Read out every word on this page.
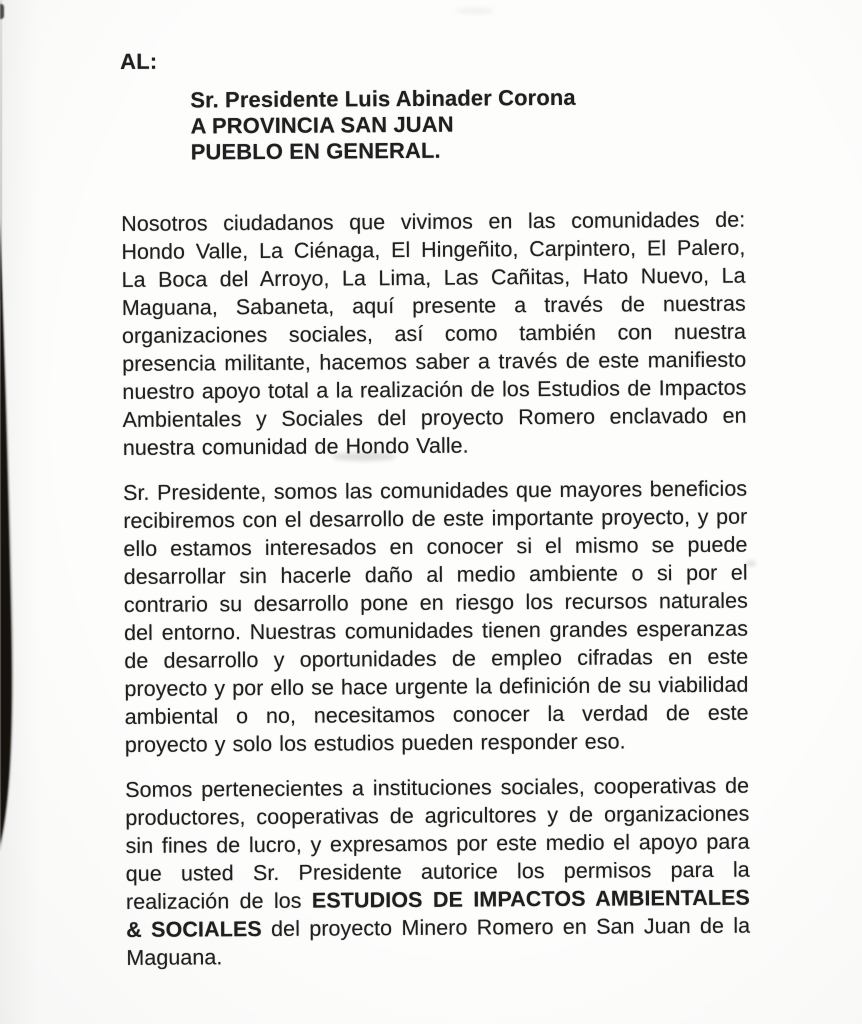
AL:
Sr. Presidente Luis Abinader Corona
A PROVINCIA SAN JUAN
PUEBLO EN GENERAL.

Nosotros ciudadanos que vivimos en las comunidades de: Hondo Valle, La Ciénaga, El Hingeñito, Carpintero, El Palero, La Boca del Arroyo, La Lima, Las Cañitas, Hato Nuevo, La Maguana, Sabaneta, aquí presente a través de nuestras organizaciones sociales, así como también con nuestra presencia militante, hacemos saber a través de este manifiesto nuestro apoyo total a la realización de los Estudios de Impactos Ambientales y Sociales del proyecto Romero enclavado en nuestra comunidad de Hondo Valle.

Sr. Presidente, somos las comunidades que mayores beneficios recibiremos con el desarrollo de este importante proyecto, y por ello estamos interesados en conocer si el mismo se puede desarrollar sin hacerle daño al medio ambiente o si por el contrario su desarrollo pone en riesgo los recursos naturales del entorno. Nuestras comunidades tienen grandes esperanzas de desarrollo y oportunidades de empleo cifradas en este proyecto y por ello se hace urgente la definición de su viabilidad ambiental o no, necesitamos conocer la verdad de este proyecto y solo los estudios pueden responder eso.

Somos pertenecientes a instituciones sociales, cooperativas de productores, cooperativas de agricultores y de organizaciones sin fines de lucro, y expresamos por este medio el apoyo para que usted Sr. Presidente autorice los permisos para la realización de los ESTUDIOS DE IMPACTOS AMBIENTALES & SOCIALES del proyecto Minero Romero en San Juan de la Maguana.
